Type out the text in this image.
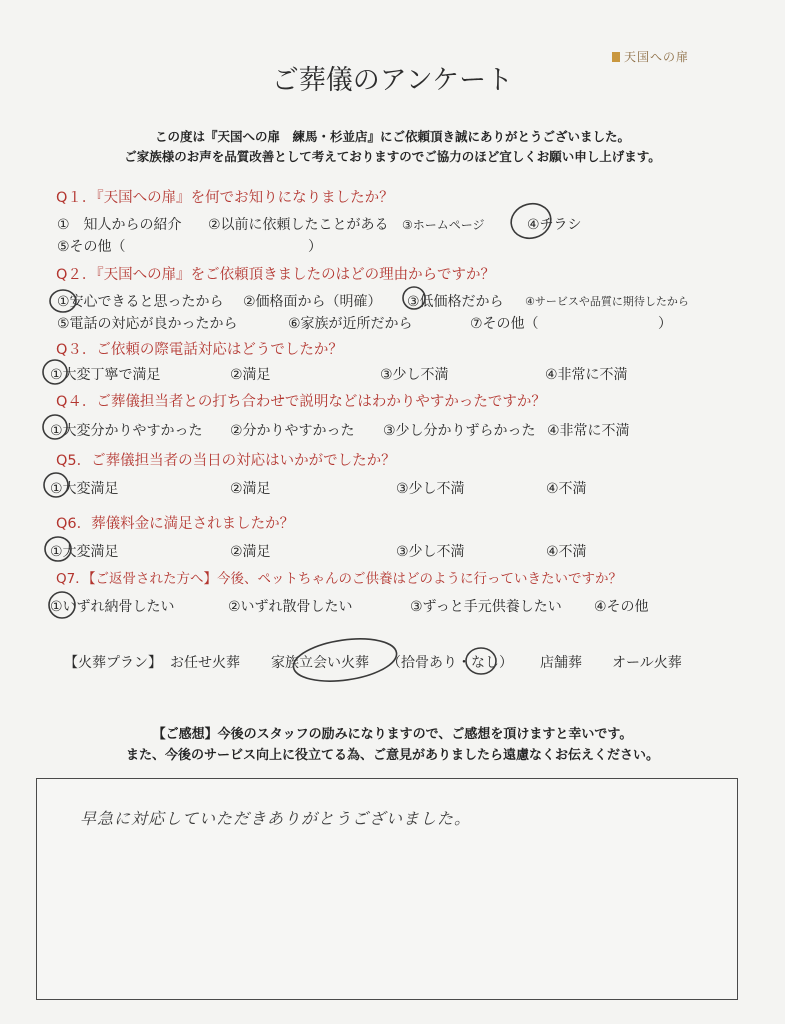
天国への扉
ご葬儀のアンケート
この度は『天国への扉　練馬・杉並店』にご依頼頂き誠にありがとうございました。
ご家族様のお声を品質改善として考えておりますのでご協力のほど宜しくお願い申し上げます。
Q１．『天国への扉』を何でお知りになりましたか？
①　知人からの紹介 ②以前に依頼したことがある ③ホームページ	④チラシ
⑤その他（	）
Q２．『天国への扉』をご依頼頂きましたのはどの理由からですか？
①安心できると思ったから ②価格面から（明確） ③低価格だから ④サービスや品質に期待したから
⑤電話の対応が良かったから	⑥家族が近所だから	⑦その他（	）
Q３．ご依頼の際電話対応はどうでしたか？
①大変丁寧で満足	②満足	③少し不満	④非常に不満
Q４．ご葬儀担当者との打ち合わせで説明などはわかりやすかったですか？
①大変分かりやすかった ②分かりやすかった ③少し分かりずらかった ④非常に不満
Q5．ご葬儀担当者の当日の対応はいかがでしたか？
①大変満足	②満足	③少し不満	④不満
Q6．葬儀料金に満足されましたか？
①大変満足	②満足	③少し不満	④不満
Q7．【ご返骨された方へ】今後、ペットちゃんのご供養はどのように行っていきたいですか？
①いずれ納骨したい	②いずれ散骨したい	③ずっと手元供養したい ④その他
【火葬プラン】 お任せ火葬 家族立会い火葬 （拾骨あり・なし） 店舗葬 オール火葬
【ご感想】今後のスタッフの励みになりますので、ご感想を頂けますと幸いです。
また、今後のサービス向上に役立てる為、ご意見がありましたら遠慮なくお伝えください。
早急に対応していただきありがとうございました。
